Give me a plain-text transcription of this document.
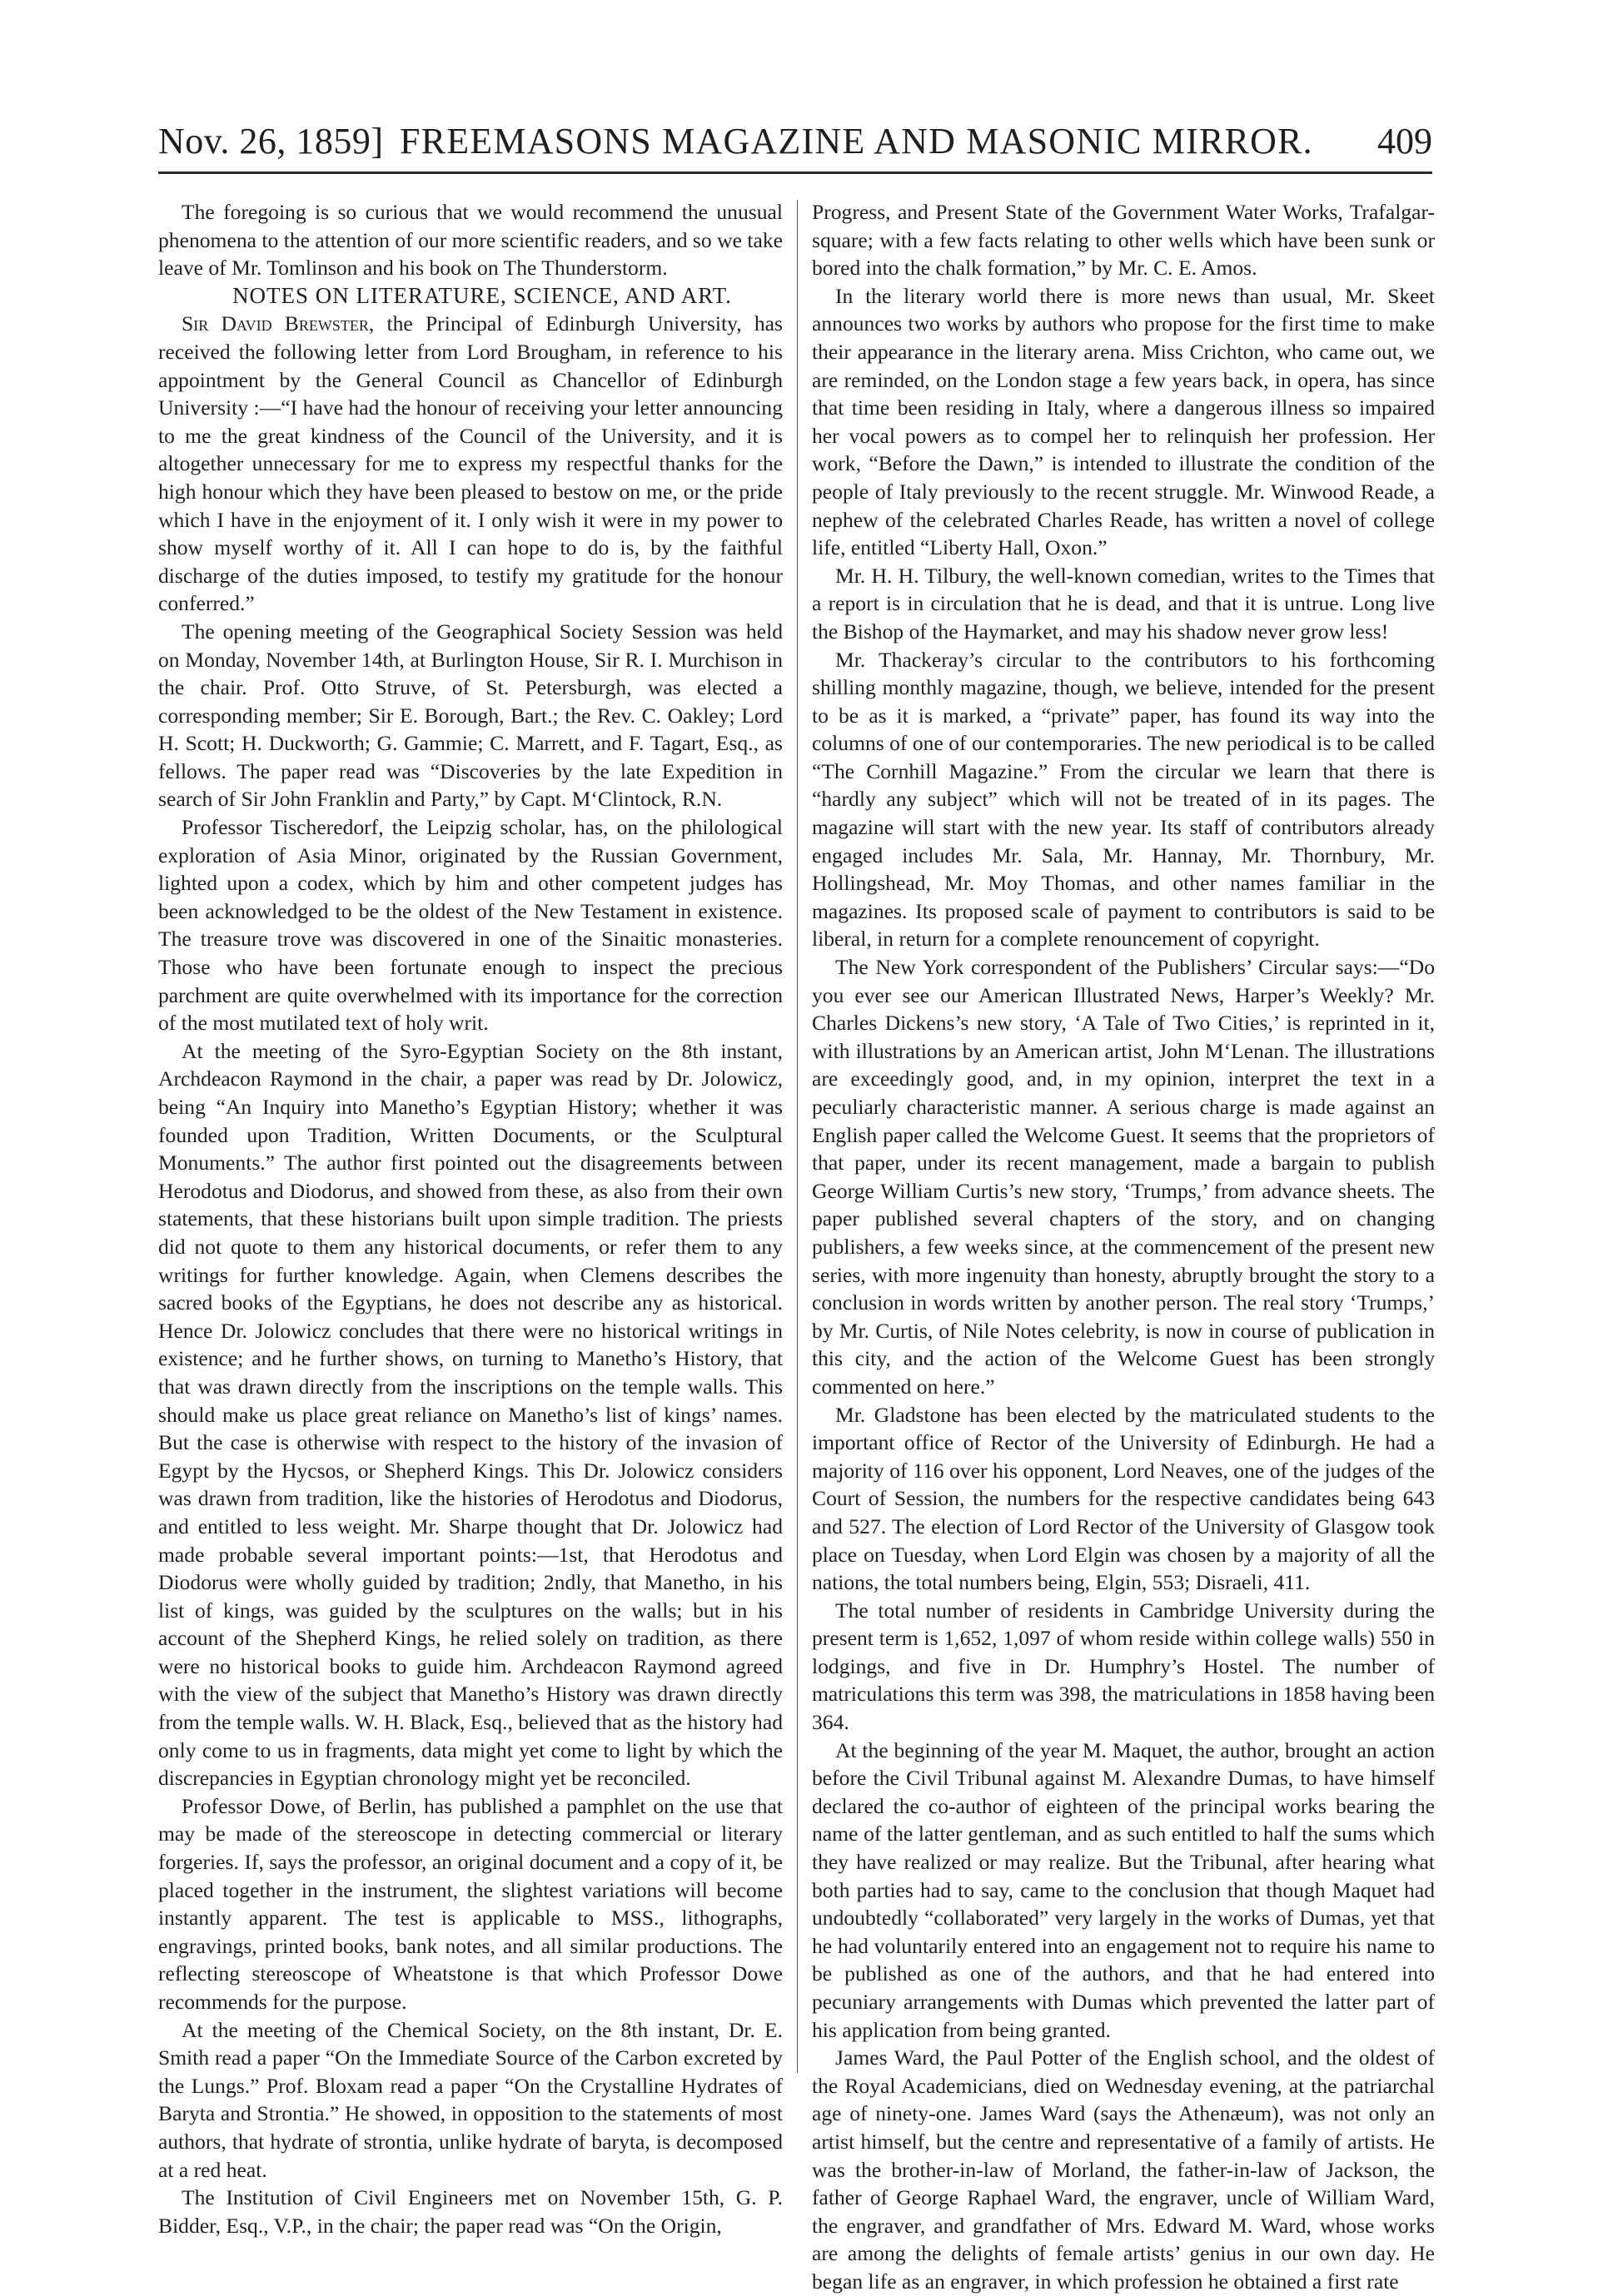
Nov. 26, 1859] FREEMASONS MAGAZINE AND MASONIC MIRROR. 409

The foregoing is so curious that we would recommend the unusual phenomena to the attention of our more scientific readers, and so we take leave of Mr. Tomlinson and his book on The Thunderstorm.

NOTES ON LITERATURE, SCIENCE, AND ART.

Sir David Brewster, the Principal of Edinburgh University, has received the following letter from Lord Brougham, in reference to his appointment by the General Council as Chancellor of Edinburgh University :—“I have had the honour of receiving your letter announcing to me the great kindness of the Council of the University, and it is altogether unnecessary for me to express my respectful thanks for the high honour which they have been pleased to bestow on me, or the pride which I have in the enjoyment of it. I only wish it were in my power to show myself worthy of it. All I can hope to do is, by the faithful discharge of the duties imposed, to testify my gratitude for the honour conferred.”

The opening meeting of the Geographical Society Session was held on Monday, November 14th, at Burlington House, Sir R. I. Murchison in the chair. Prof. Otto Struve, of St. Petersburgh, was elected a corresponding member; Sir E. Borough, Bart.; the Rev. C. Oakley; Lord H. Scott; H. Duckworth; G. Gammie; C. Marrett, and F. Tagart, Esq., as fellows. The paper read was “Discoveries by the late Expedition in search of Sir John Franklin and Party,” by Capt. M‘Clintock, R.N.

Professor Tischeredorf, the Leipzig scholar, has, on the philological exploration of Asia Minor, originated by the Russian Government, lighted upon a codex, which by him and other competent judges has been acknowledged to be the oldest of the New Testament in existence. The treasure trove was discovered in one of the Sinaitic monasteries. Those who have been fortunate enough to inspect the precious parchment are quite overwhelmed with its importance for the correction of the most mutilated text of holy writ.

At the meeting of the Syro-Egyptian Society on the 8th instant, Archdeacon Raymond in the chair, a paper was read by Dr. Jolowicz, being “An Inquiry into Manetho’s Egyptian History; whether it was founded upon Tradition, Written Documents, or the Sculptural Monuments.” The author first pointed out the disagreements between Herodotus and Diodorus, and showed from these, as also from their own statements, that these historians built upon simple tradition. The priests did not quote to them any historical documents, or refer them to any writings for further knowledge. Again, when Clemens describes the sacred books of the Egyptians, he does not describe any as historical. Hence Dr. Jolowicz concludes that there were no historical writings in existence; and he further shows, on turning to Manetho’s History, that that was drawn directly from the inscriptions on the temple walls. This should make us place great reliance on Manetho’s list of kings’ names. But the case is otherwise with respect to the history of the invasion of Egypt by the Hycsos, or Shepherd Kings. This Dr. Jolowicz considers was drawn from tradition, like the histories of Herodotus and Diodorus, and entitled to less weight. Mr. Sharpe thought that Dr. Jolowicz had made probable several important points:—1st, that Herodotus and Diodorus were wholly guided by tradition; 2ndly, that Manetho, in his list of kings, was guided by the sculptures on the walls; but in his account of the Shepherd Kings, he relied solely on tradition, as there were no historical books to guide him. Archdeacon Raymond agreed with the view of the subject that Manetho’s History was drawn directly from the temple walls. W. H. Black, Esq., believed that as the history had only come to us in fragments, data might yet come to light by which the discrepancies in Egyptian chronology might yet be reconciled.

Professor Dowe, of Berlin, has published a pamphlet on the use that may be made of the stereoscope in detecting commercial or literary forgeries. If, says the professor, an original document and a copy of it, be placed together in the instrument, the slightest variations will become instantly apparent. The test is applicable to MSS., lithographs, engravings, printed books, bank notes, and all similar productions. The reflecting stereoscope of Wheatstone is that which Professor Dowe recommends for the purpose.

At the meeting of the Chemical Society, on the 8th instant, Dr. E. Smith read a paper “On the Immediate Source of the Carbon excreted by the Lungs.” Prof. Bloxam read a paper “On the Crystalline Hydrates of Baryta and Strontia.” He showed, in opposition to the statements of most authors, that hydrate of strontia, unlike hydrate of baryta, is decomposed at a red heat.

The Institution of Civil Engineers met on November 15th, G. P. Bidder, Esq., V.P., in the chair; the paper read was “On the Origin,

Progress, and Present State of the Government Water Works, Trafalgar-square; with a few facts relating to other wells which have been sunk or bored into the chalk formation,” by Mr. C. E. Amos.

In the literary world there is more news than usual, Mr. Skeet announces two works by authors who propose for the first time to make their appearance in the literary arena. Miss Crichton, who came out, we are reminded, on the London stage a few years back, in opera, has since that time been residing in Italy, where a dangerous illness so impaired her vocal powers as to compel her to relinquish her profession. Her work, “Before the Dawn,” is intended to illustrate the condition of the people of Italy previously to the recent struggle. Mr. Winwood Reade, a nephew of the celebrated Charles Reade, has written a novel of college life, entitled “Liberty Hall, Oxon.”

Mr. H. H. Tilbury, the well-known comedian, writes to the Times that a report is in circulation that he is dead, and that it is untrue. Long live the Bishop of the Haymarket, and may his shadow never grow less!

Mr. Thackeray’s circular to the contributors to his forthcoming shilling monthly magazine, though, we believe, intended for the present to be as it is marked, a “private” paper, has found its way into the columns of one of our contemporaries. The new periodical is to be called “The Cornhill Magazine.” From the circular we learn that there is “hardly any subject” which will not be treated of in its pages. The magazine will start with the new year. Its staff of contributors already engaged includes Mr. Sala, Mr. Hannay, Mr. Thornbury, Mr. Hollingshead, Mr. Moy Thomas, and other names familiar in the magazines. Its proposed scale of payment to contributors is said to be liberal, in return for a complete renouncement of copyright.

The New York correspondent of the Publishers’ Circular says:—“Do you ever see our American Illustrated News, Harper’s Weekly? Mr. Charles Dickens’s new story, ‘A Tale of Two Cities,’ is reprinted in it, with illustrations by an American artist, John M‘Lenan. The illustrations are exceedingly good, and, in my opinion, interpret the text in a peculiarly characteristic manner. A serious charge is made against an English paper called the Welcome Guest. It seems that the proprietors of that paper, under its recent management, made a bargain to publish George William Curtis’s new story, ‘Trumps,’ from advance sheets. The paper published several chapters of the story, and on changing publishers, a few weeks since, at the commencement of the present new series, with more ingenuity than honesty, abruptly brought the story to a conclusion in words written by another person. The real story ‘Trumps,’ by Mr. Curtis, of Nile Notes celebrity, is now in course of publication in this city, and the action of the Welcome Guest has been strongly commented on here.”

Mr. Gladstone has been elected by the matriculated students to the important office of Rector of the University of Edinburgh. He had a majority of 116 over his opponent, Lord Neaves, one of the judges of the Court of Session, the numbers for the respective candidates being 643 and 527. The election of Lord Rector of the University of Glasgow took place on Tuesday, when Lord Elgin was chosen by a majority of all the nations, the total numbers being, Elgin, 553; Disraeli, 411.

The total number of residents in Cambridge University during the present term is 1,652, 1,097 of whom reside within college walls) 550 in lodgings, and five in Dr. Humphry’s Hostel. The number of matriculations this term was 398, the matriculations in 1858 having been 364.

At the beginning of the year M. Maquet, the author, brought an action before the Civil Tribunal against M. Alexandre Dumas, to have himself declared the co-author of eighteen of the principal works bearing the name of the latter gentleman, and as such entitled to half the sums which they have realized or may realize. But the Tribunal, after hearing what both parties had to say, came to the conclusion that though Maquet had undoubtedly “collaborated” very largely in the works of Dumas, yet that he had voluntarily entered into an engagement not to require his name to be published as one of the authors, and that he had entered into pecuniary arrangements with Dumas which prevented the latter part of his application from being granted.

James Ward, the Paul Potter of the English school, and the oldest of the Royal Academicians, died on Wednesday evening, at the patriarchal age of ninety-one. James Ward (says the Athenæum), was not only an artist himself, but the centre and representative of a family of artists. He was the brother-in-law of Morland, the father-in-law of Jackson, the father of George Raphael Ward, the engraver, uncle of William Ward, the engraver, and grandfather of Mrs. Edward M. Ward, whose works are among the delights of female artists’ genius in our own day. He began life as an engraver, in which profession he obtained a first rate
